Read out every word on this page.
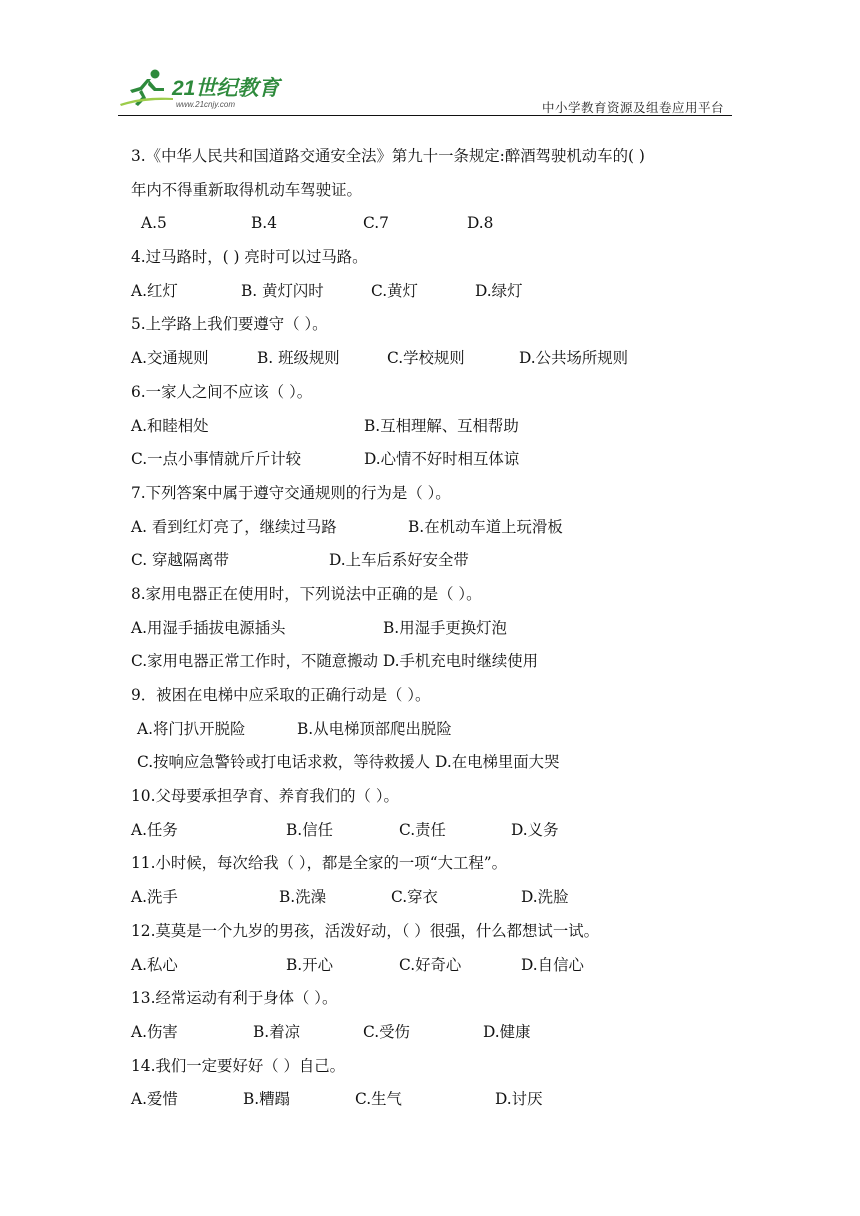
21世纪教育
www.21cnjy.com	中小学教育资源及组卷应用平台
3.《中华人民共和国道路交通安全法》第九十一条规定:醉酒驾驶机动车的( )
年内不得重新取得机动车驾驶证。
A.5	B.4	C.7	D.8
4.过马路时，( ) 亮时可以过马路。
A.红灯	B. 黄灯闪时	C.黄灯	D.绿灯
5.上学路上我们要遵守（ ）。
A.交通规则	B. 班级规则	C.学校规则	D.公共场所规则
6.一家人之间不应该（ ）。
A.和睦相处	B.互相理解、互相帮助
C.一点小事情就斤斤计较	D.心情不好时相互体谅
7.下列答案中属于遵守交通规则的行为是（ ）。
A. 看到红灯亮了，继续过马路	B.在机动车道上玩滑板
C. 穿越隔离带	D.上车后系好安全带
8.家用电器正在使用时，下列说法中正确的是（ ）。
A.用湿手插拔电源插头	B.用湿手更换灯泡
C.家用电器正常工作时，不随意搬动 D.手机充电时继续使用
9．被困在电梯中应采取的正确行动是（ ）。
A.将门扒开脱险	B.从电梯顶部爬出脱险
C.按响应急警铃或打电话求救，等待救援人 D.在电梯里面大哭
10.父母要承担孕育、养育我们的（ ）。
A.任务	B.信任	C.责任	D.义务
11.小时候，每次给我（ ），都是全家的一项“大工程”。
A.洗手	B.洗澡	C.穿衣	D.洗脸
12.莫莫是一个九岁的男孩，活泼好动，（ ）很强，什么都想试一试。
A.私心	B.开心	C.好奇心	D.自信心
13.经常运动有利于身体（ ）。
A.伤害	B.着凉	C.受伤	D.健康
14.我们一定要好好（ ）自己。
A.爱惜	B.糟蹋	C.生气	D.讨厌
